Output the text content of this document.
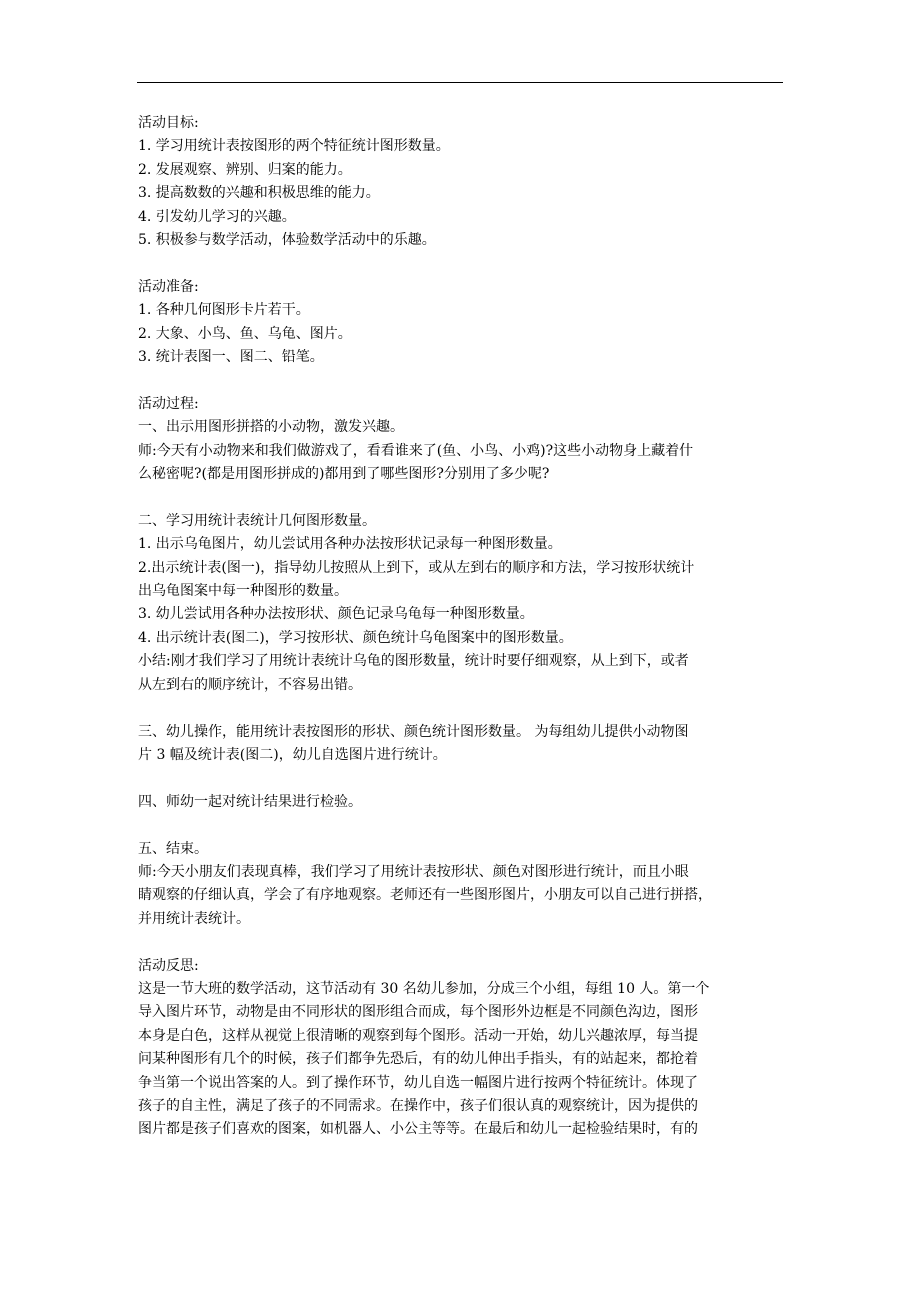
活动目标:

1. 学习用统计表按图形的两个特征统计图形数量。

2. 发展观察、辨别、归案的能力。

3. 提高数数的兴趣和积极思维的能力。

4. 引发幼儿学习的兴趣。

5. 积极参与数学活动，体验数学活动中的乐趣。

活动准备:

1. 各种几何图形卡片若干。

2. 大象、小鸟、鱼、乌龟、图片。

3. 统计表图一、图二、铅笔。

活动过程:

一、出示用图形拼搭的小动物，激发兴趣。

师:今天有小动物来和我们做游戏了，看看谁来了(鱼、小鸟、小鸡)?这些小动物身上藏着什

么秘密呢?(都是用图形拼成的)都用到了哪些图形?分别用了多少呢?

二、学习用统计表统计几何图形数量。

1. 出示乌龟图片，幼儿尝试用各种办法按形状记录每一种图形数量。

2.出示统计表(图一)，指导幼儿按照从上到下，或从左到右的顺序和方法，学习按形状统计

出乌龟图案中每一种图形的数量。

3. 幼儿尝试用各种办法按形状、颜色记录乌龟每一种图形数量。

4. 出示统计表(图二)，学习按形状、颜色统计乌龟图案中的图形数量。

小结:刚才我们学习了用统计表统计乌龟的图形数量，统计时要仔细观察，从上到下，或者

从左到右的顺序统计，不容易出错。

三、幼儿操作，能用统计表按图形的形状、颜色统计图形数量。 为每组幼儿提供小动物图

片 3 幅及统计表(图二)，幼儿自选图片进行统计。

四、师幼一起对统计结果进行检验。

五、结束。

师:今天小朋友们表现真棒，我们学习了用统计表按形状、颜色对图形进行统计，而且小眼

睛观察的仔细认真，学会了有序地观察。老师还有一些图形图片，小朋友可以自己进行拼搭，

并用统计表统计。

活动反思:

这是一节大班的数学活动，这节活动有 30 名幼儿参加，分成三个小组，每组 10 人。第一个

导入图片环节，动物是由不同形状的图形组合而成，每个图形外边框是不同颜色沟边，图形

本身是白色，这样从视觉上很清晰的观察到每个图形。活动一开始，幼儿兴趣浓厚，每当提

问某种图形有几个的时候，孩子们都争先恐后，有的幼儿伸出手指头，有的站起来，都抢着

争当第一个说出答案的人。到了操作环节，幼儿自选一幅图片进行按两个特征统计。体现了

孩子的自主性，满足了孩子的不同需求。在操作中，孩子们很认真的观察统计，因为提供的

图片都是孩子们喜欢的图案，如机器人、小公主等等。在最后和幼儿一起检验结果时，有的
